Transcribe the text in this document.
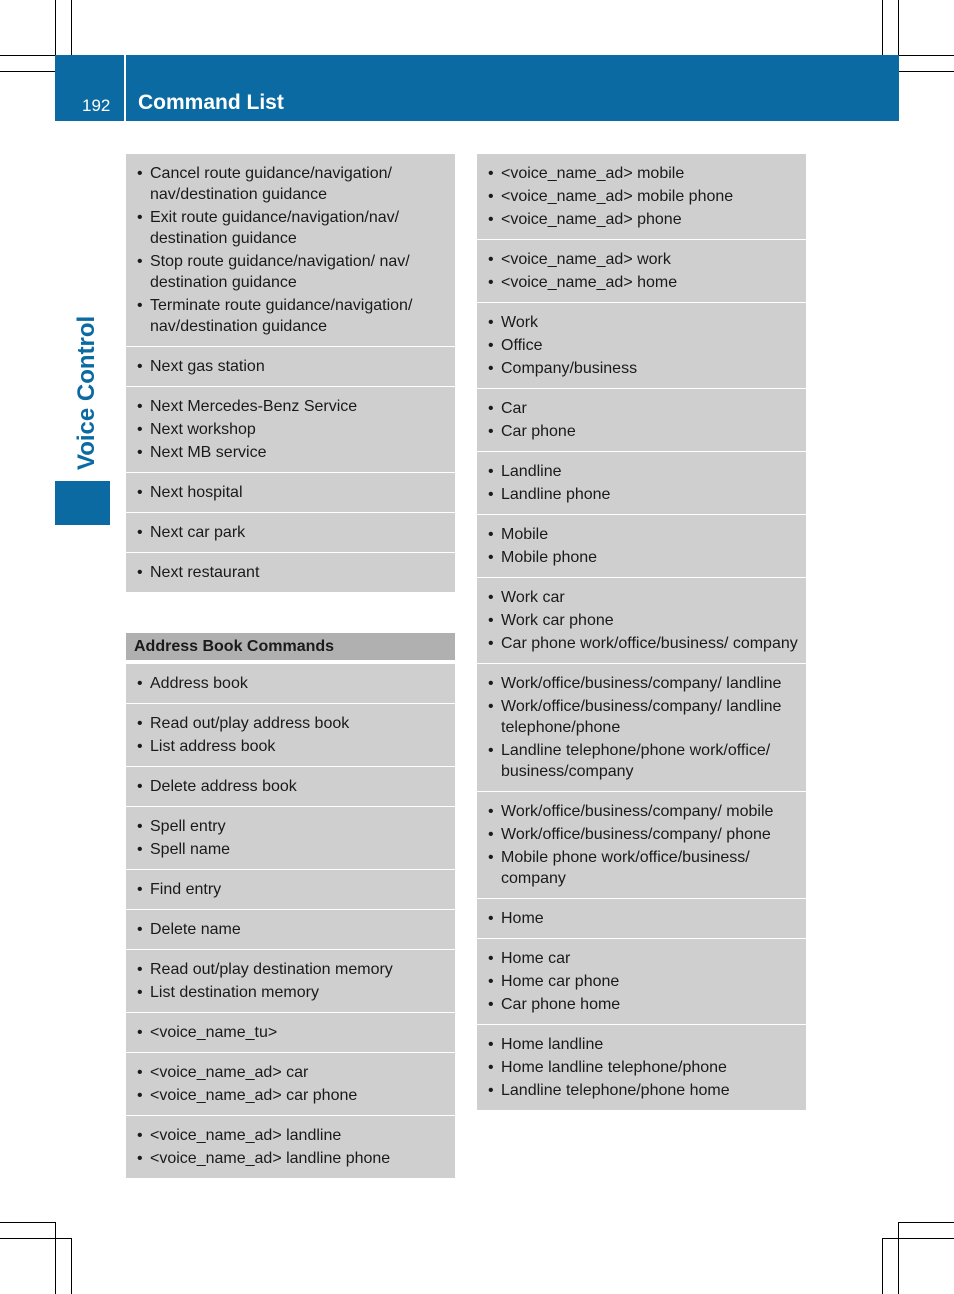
192 Command List
Voice Control
• Cancel route guidance/navigation/ nav/destination guidance
• Exit route guidance/navigation/nav/ destination guidance
• Stop route guidance/navigation/ nav/ destination guidance
• Terminate route guidance/navigation/ nav/destination guidance
• Next gas station
• Next Mercedes-Benz Service
• Next workshop
• Next MB service
• Next hospital
• Next car park
• Next restaurant
Address Book Commands
• Address book
• Read out/play address book
• List address book
• Delete address book
• Spell entry
• Spell name
• Find entry
• Delete name
• Read out/play destination memory
• List destination memory
• <voice_name_tu>
• <voice_name_ad> car
• <voice_name_ad> car phone
• <voice_name_ad> landline
• <voice_name_ad> landline phone
• <voice_name_ad> mobile
• <voice_name_ad> mobile phone
• <voice_name_ad> phone
• <voice_name_ad> work
• <voice_name_ad> home
• Work
• Office
• Company/business
• Car
• Car phone
• Landline
• Landline phone
• Mobile
• Mobile phone
• Work car
• Work car phone
• Car phone work/office/business/ company
• Work/office/business/company/ landline
• Work/office/business/company/ landline telephone/phone
• Landline telephone/phone work/office/ business/company
• Work/office/business/company/ mobile
• Work/office/business/company/ phone
• Mobile phone work/office/business/ company
• Home
• Home car
• Home car phone
• Car phone home
• Home landline
• Home landline telephone/phone
• Landline telephone/phone home
